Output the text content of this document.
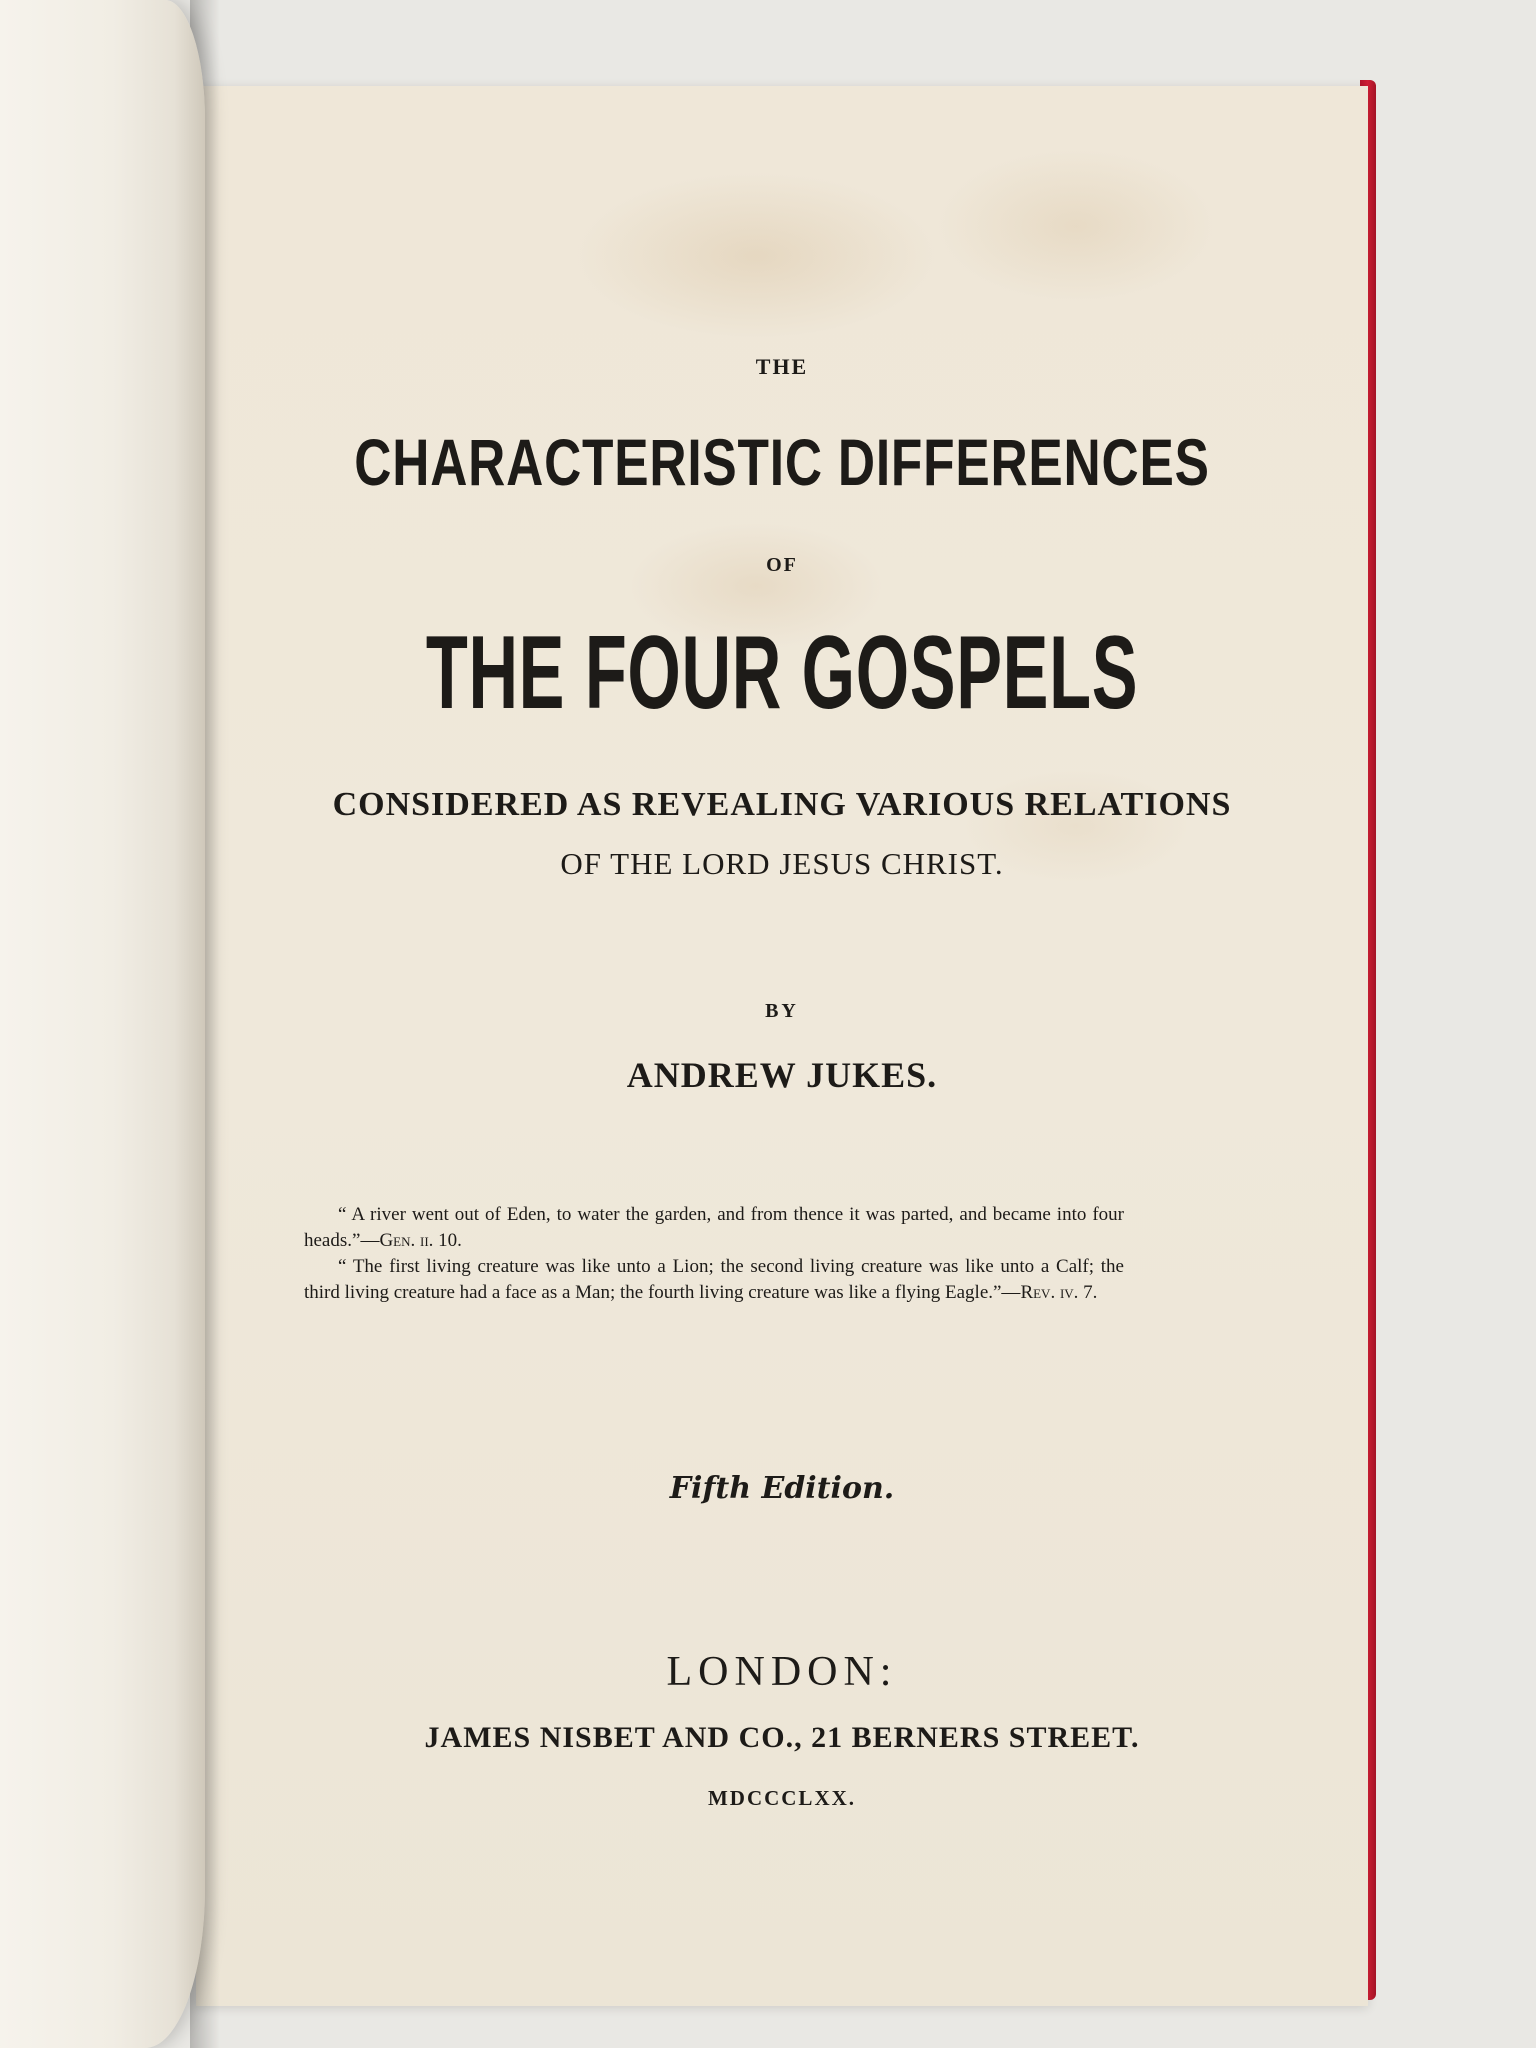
THE
CHARACTERISTIC DIFFERENCES
OF
THE FOUR GOSPELS
CONSIDERED AS REVEALING VARIOUS RELATIONS
OF THE LORD JESUS CHRIST.
BY
ANDREW JUKES.

“ A river went out of Eden, to water the garden, and from thence it was parted, and became into four heads.”—Gen. ii. 10.

“ The first living creature was like unto a Lion; the second living creature was like unto a Calf; the third living creature had a face as a Man; the fourth living creature was like a flying Eagle.”—Rev. iv. 7.

Fifth Edition.
LONDON:
JAMES NISBET AND CO., 21 BERNERS STREET.
MDCCCLXX.
